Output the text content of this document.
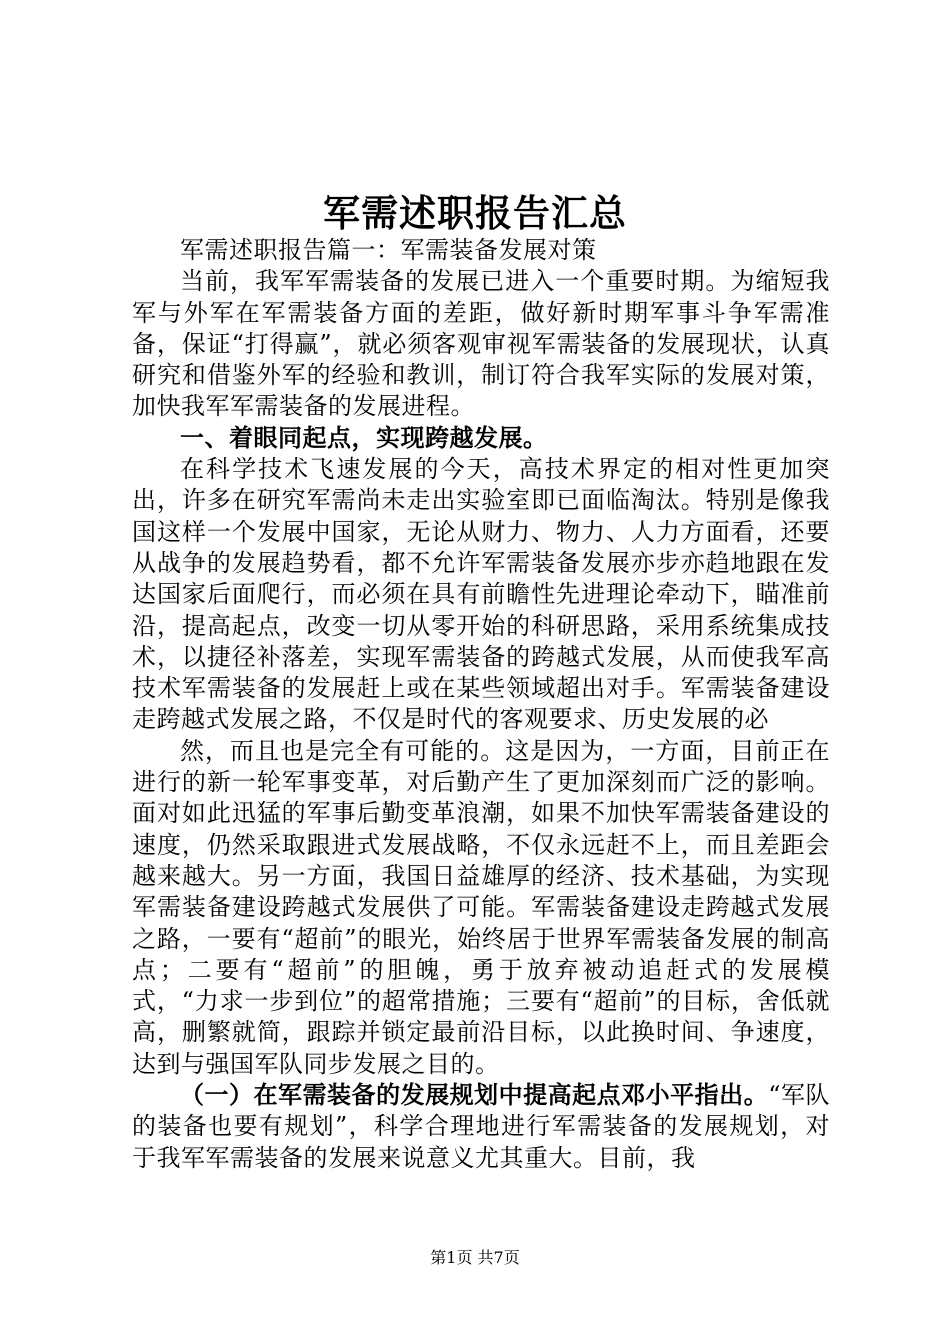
军需述职报告汇总

军需述职报告篇一：军需装备发展对策

当前，我军军需装备的发展已进入一个重要时期。为缩短我军与外军在军需装备方面的差距，做好新时期军事斗争军需准备，保证“打得赢”，就必须客观审视军需装备的发展现状，认真研究和借鉴外军的经验和教训，制订符合我军实际的发展对策，加快我军军需装备的发展进程。

一、着眼同起点，实现跨越发展。

在科学技术飞速发展的今天，高技术界定的相对性更加突出，许多在研究军需尚未走出实验室即已面临淘汰。特别是像我国这样一个发展中国家，无论从财力、物力、人力方面看，还要从战争的发展趋势看，都不允许军需装备发展亦步亦趋地跟在发达国家后面爬行，而必须在具有前瞻性先进理论牵动下，瞄准前沿，提高起点，改变一切从零开始的科研思路，采用系统集成技术，以捷径补落差，实现军需装备的跨越式发展，从而使我军高技术军需装备的发展赶上或在某些领域超出对手。军需装备建设走跨越式发展之路，不仅是时代的客观要求、历史发展的必

然，而且也是完全有可能的。这是因为，一方面，目前正在进行的新一轮军事变革，对后勤产生了更加深刻而广泛的影响。面对如此迅猛的军事后勤变革浪潮，如果不加快军需装备建设的速度，仍然采取跟进式发展战略，不仅永远赶不上，而且差距会越来越大。另一方面，我国日益雄厚的经济、技术基础，为实现军需装备建设跨越式发展供了可能。军需装备建设走跨越式发展之路，一要有“超前”的眼光，始终居于世界军需装备发展的制高点；二要有“超前”的胆魄，勇于放弃被动追赶式的发展模式，“力求一步到位”的超常措施；三要有“超前”的目标，舍低就高，删繁就简，跟踪并锁定最前沿目标，以此换时间、争速度，达到与强国军队同步发展之目的。

（一）在军需装备的发展规划中提高起点邓小平指出。“军队的装备也要有规划”，科学合理地进行军需装备的发展规划，对于我军军需装备的发展来说意义尤其重大。目前，我

第1页 共7页
